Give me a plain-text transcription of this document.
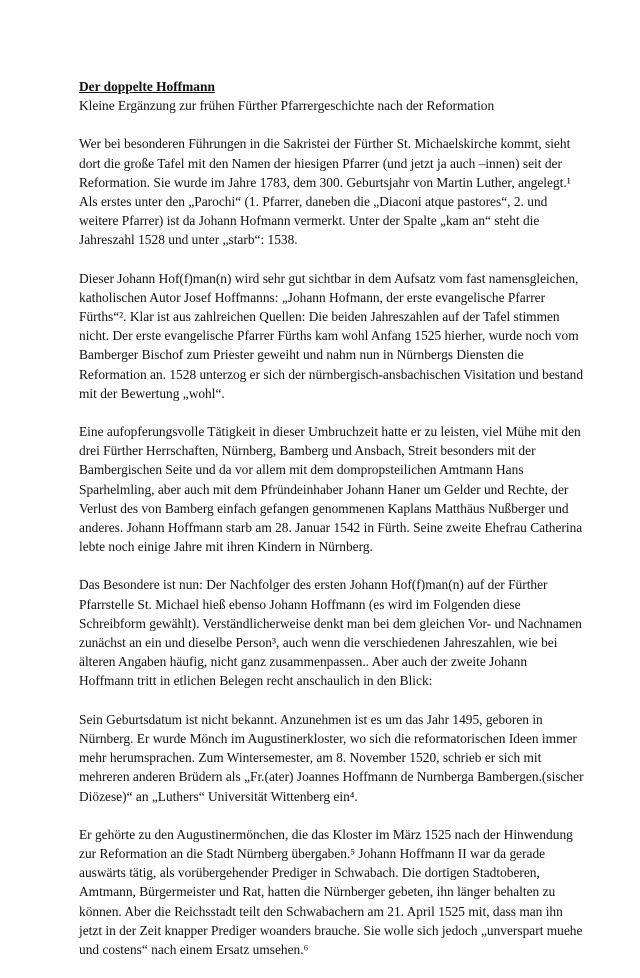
Der doppelte Hoffmann

Kleine Ergänzung zur frühen Fürther Pfarrergeschichte nach der Reformation

Wer bei besonderen Führungen in die Sakristei der Fürther St. Michaelskirche kommt, sieht
dort die große Tafel mit den Namen der hiesigen Pfarrer (und jetzt ja auch –innen) seit der
Reformation. Sie wurde im Jahre 1783, dem 300. Geburtsjahr von Martin Luther, angelegt.¹
Als erstes unter den „Parochi“ (1. Pfarrer, daneben die „Diaconi atque pastores“, 2. und
weitere Pfarrer) ist da Johann Hofmann vermerkt. Unter der Spalte „kam an“ steht die
Jahreszahl 1528 und unter „starb“: 1538.
Dieser Johann Hof(f)man(n) wird sehr gut sichtbar in dem Aufsatz vom fast namensgleichen,
katholischen Autor Josef Hoffmanns: „Johann Hofmann, der erste evangelische Pfarrer
Fürths“². Klar ist aus zahlreichen Quellen: Die beiden Jahreszahlen auf der Tafel stimmen
nicht. Der erste evangelische Pfarrer Fürths kam wohl Anfang 1525 hierher, wurde noch vom
Bamberger Bischof zum Priester geweiht und nahm nun in Nürnbergs Diensten die
Reformation an. 1528 unterzog er sich der nürnbergisch-ansbachischen Visitation und bestand
mit der Bewertung „wohl“.
Eine aufopferungsvolle Tätigkeit in dieser Umbruchzeit hatte er zu leisten, viel Mühe mit den
drei Fürther Herrschaften, Nürnberg, Bamberg und Ansbach, Streit besonders mit der
Bambergischen Seite und da vor allem mit dem dompropsteilichen Amtmann Hans
Sparhelmling, aber auch mit dem Pfründeinhaber Johann Haner um Gelder und Rechte, der
Verlust des von Bamberg einfach gefangen genommenen Kaplans Matthäus Nußberger und
anderes. Johann Hoffmann starb am 28. Januar 1542 in Fürth. Seine zweite Ehefrau Catherina
lebte noch einige Jahre mit ihren Kindern in Nürnberg.
Das Besondere ist nun: Der Nachfolger des ersten Johann Hof(f)man(n) auf der Fürther
Pfarrstelle St. Michael hieß ebenso Johann Hoffmann (es wird im Folgenden diese
Schreibform gewählt). Verständlicherweise denkt man bei dem gleichen Vor- und Nachnamen
zunächst an ein und dieselbe Person³, auch wenn die verschiedenen Jahreszahlen, wie bei
älteren Angaben häufig, nicht ganz zusammenpassen.. Aber auch der zweite Johann
Hoffmann tritt in etlichen Belegen recht anschaulich in den Blick:
Sein Geburtsdatum ist nicht bekannt. Anzunehmen ist es um das Jahr 1495, geboren in
Nürnberg. Er wurde Mönch im Augustinerkloster, wo sich die reformatorischen Ideen immer
mehr herumsprachen. Zum Wintersemester, am 8. November 1520, schrieb er sich mit
mehreren anderen Brüdern als „Fr.(ater) Joannes Hoffmann de Nurnberga Bambergen.(sischer
Diözese)“ an „Luthers“ Universität Wittenberg ein⁴.
Er gehörte zu den Augustinermönchen, die das Kloster im März 1525 nach der Hinwendung
zur Reformation an die Stadt Nürnberg übergaben.⁵ Johann Hoffmann II war da gerade
auswärts tätig, als vorübergehender Prediger in Schwabach. Die dortigen Stadtoberen,
Amtmann, Bürgermeister und Rat, hatten die Nürnberger gebeten, ihn länger behalten zu
können. Aber die Reichsstadt teilt den Schwabachern am 21. April 1525 mit, dass man ihn
jetzt in der Zeit knapper Prediger woanders brauche. Sie wolle sich jedoch „unverspart muehe
und costens“ nach einem Ersatz umsehen.⁶
